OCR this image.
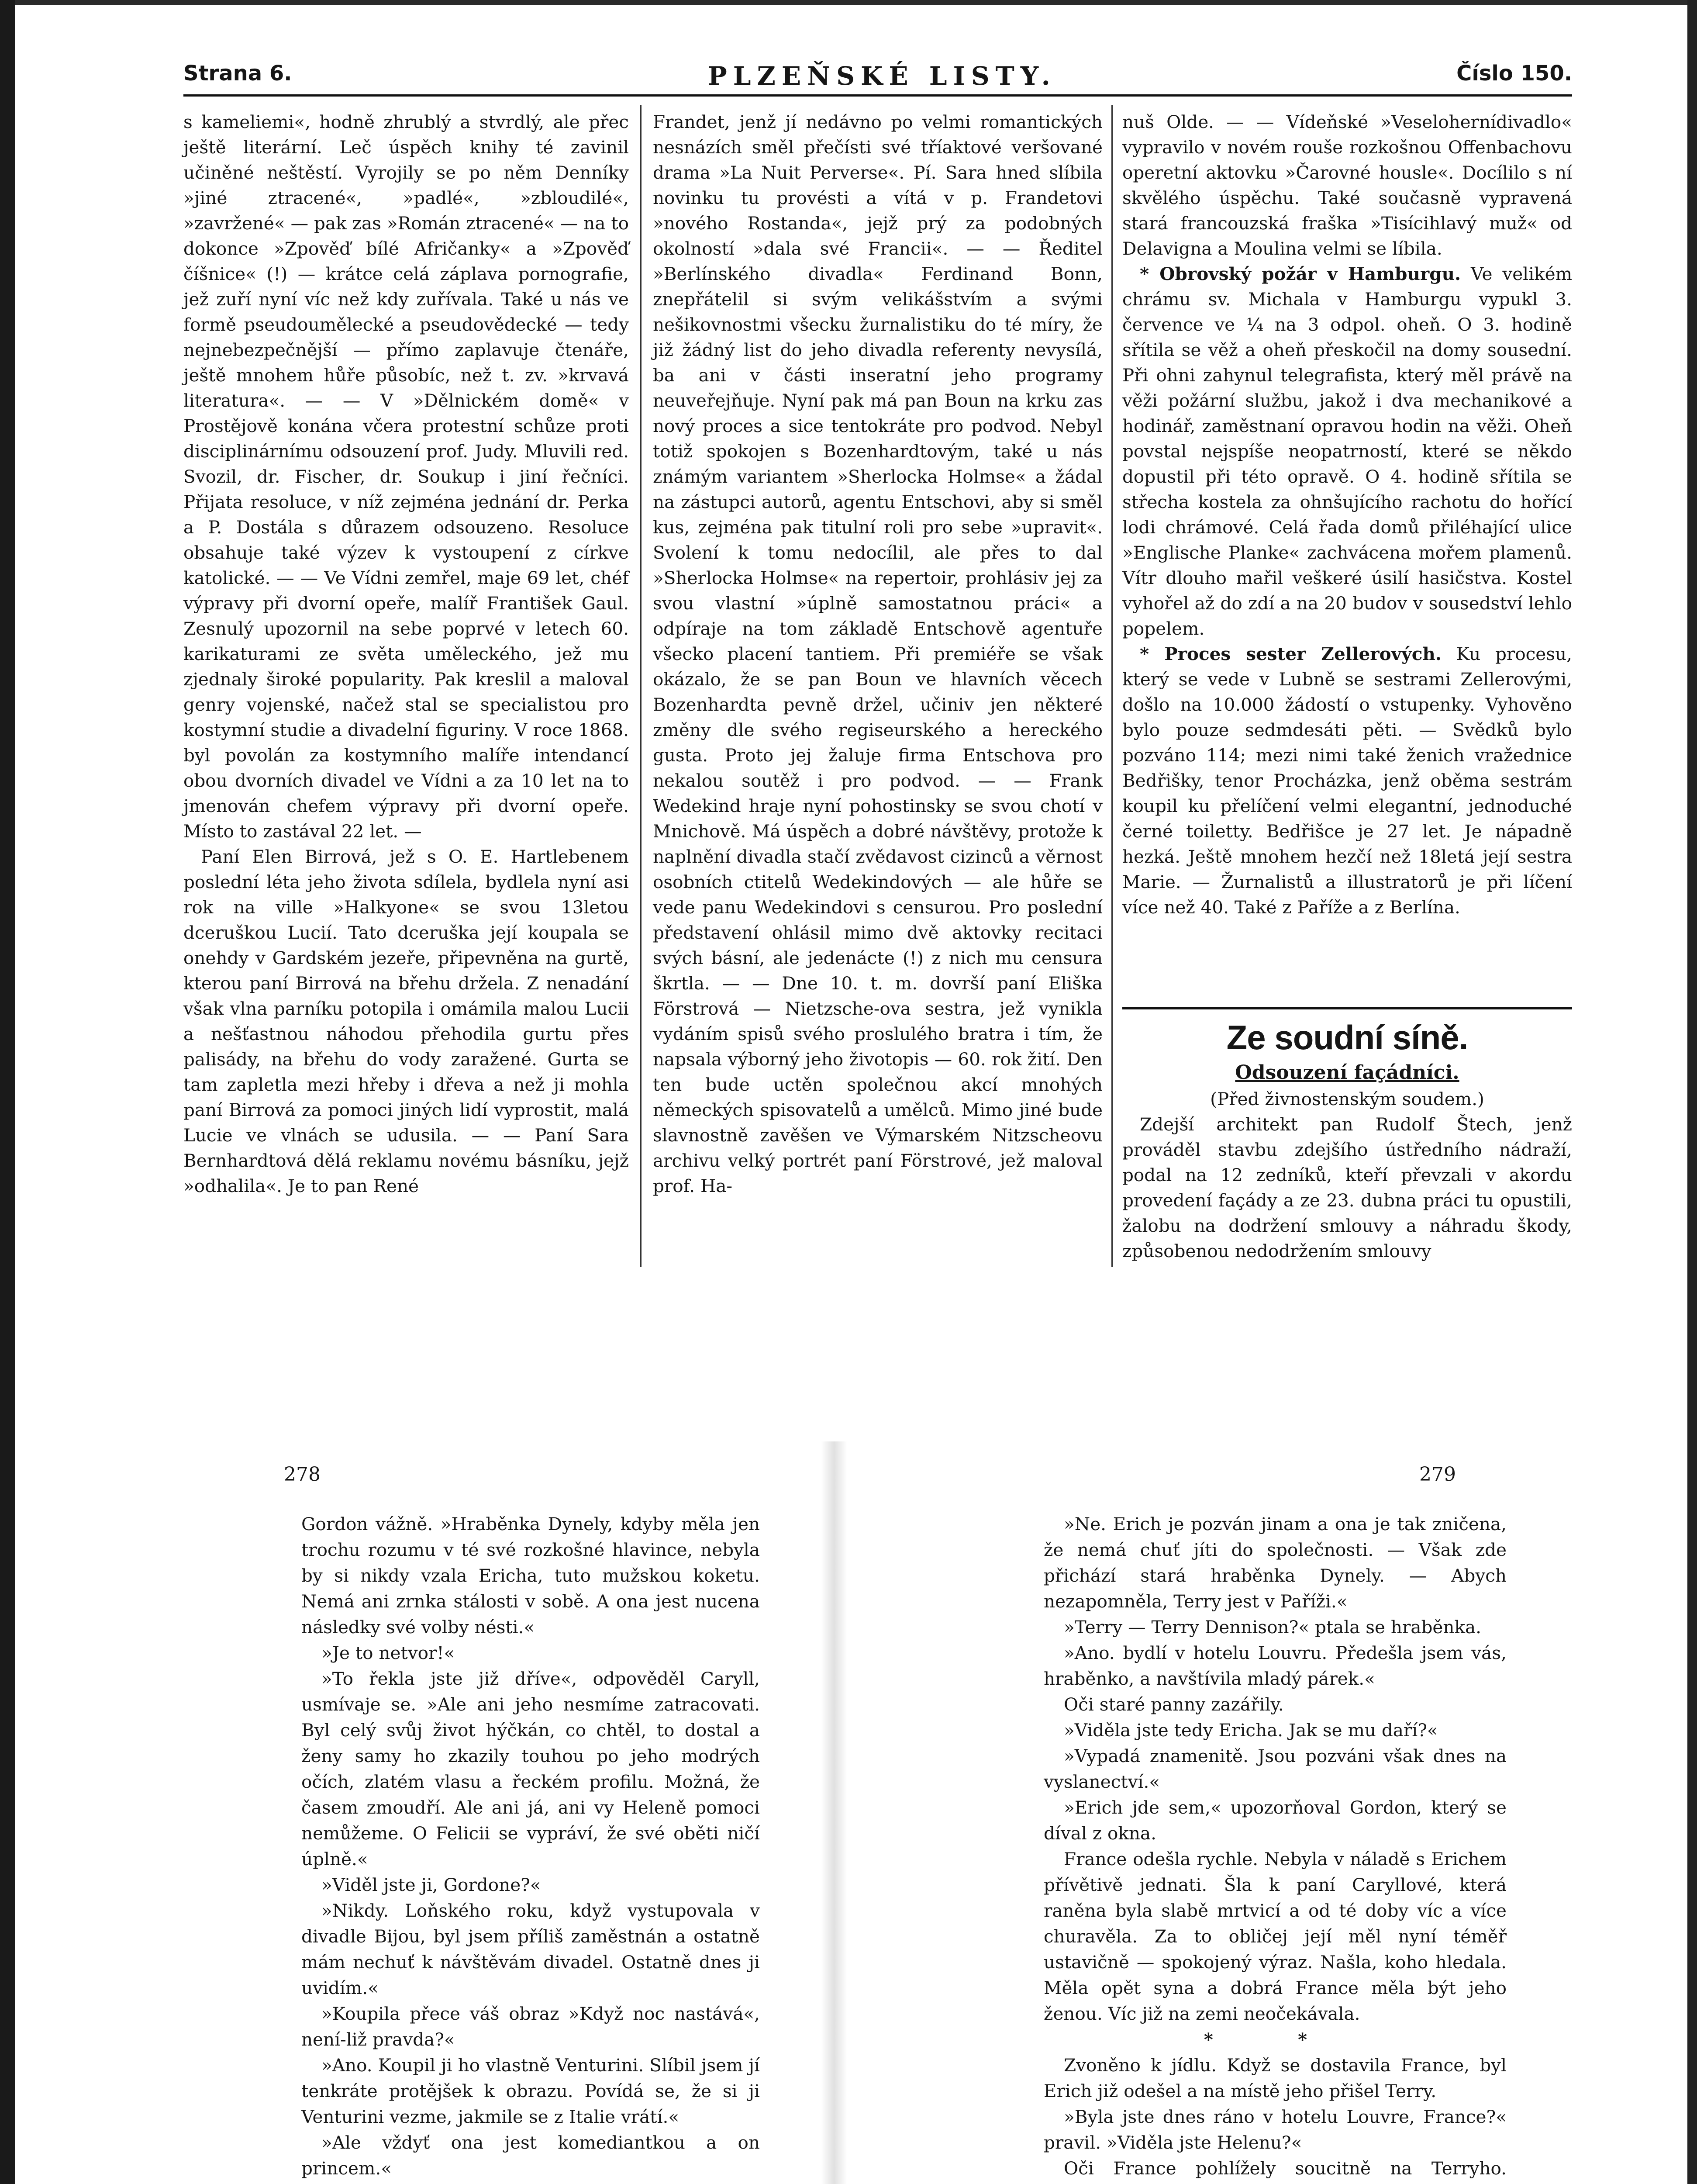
Strana 6.	PLZEŇSKÉ LISTY.	Číslo 150.

s kameliemi«, hodně zhrublý a stvrdlý, ale přec ještě literární. Leč úspěch knihy té zavinil učiněné neštěstí. Vyrojily se po něm Denníky »jiné ztracené«, »padlé«, »zbloudilé«, »zavržené« — pak zas »Román ztracené« — na to dokonce »Zpověď bílé Afričanky« a »Zpověď číšnice« (!) — krátce celá záplava pornografie, jež zuří nyní víc než kdy zuřívala. Také u nás ve formě pseudoumělecké a pseudovědecké — tedy nejnebezpečnější — přímo zaplavuje čtenáře, ještě mnohem hůře působíc, než t. zv. »krvavá literatura«. — — V »Dělnickém domě« v Prostějově konána včera protestní schůze proti disciplinárnímu odsouzení prof. Judy. Mluvili red. Svozil, dr. Fischer, dr. Soukup i jiní řečníci. Přijata resoluce, v níž zejména jednání dr. Perka a P. Dostála s důrazem odsouzeno. Resoluce obsahuje také výzev k vystoupení z církve katolické. — — Ve Vídni zemřel, maje 69 let, chéf výpravy při dvorní opeře, malíř František Gaul. Zesnulý upozornil na sebe poprvé v letech 60. karikaturami ze světa uměleckého, jež mu zjednaly široké popularity. Pak kreslil a maloval genry vojenské, načež stal se specialistou pro kostymní studie a divadelní figuriny. V roce 1868. byl povolán za kostymního malíře intendancí obou dvorních divadel ve Vídni a za 10 let na to jmenován chefem výpravy při dvorní opeře. Místo to zastával 22 let. —

Paní Elen Birrová, jež s O. E. Hartlebenem poslední léta jeho života sdílela, bydlela nyní asi rok na ville »Halkyone« se svou 13letou dceruškou Lucií. Tato dceruška její koupala se onehdy v Gardském jezeře, připevněna na gurtě, kterou paní Birrová na břehu držela. Z nenadání však vlna parníku potopila i omámila malou Lucii a nešťastnou náhodou přehodila gurtu přes palisády, na břehu do vody zaražené. Gurta se tam zapletla mezi hřeby i dřeva a než ji mohla paní Birrová za pomoci jiných lidí vyprostit, malá Lucie ve vlnách se udusila. — — Paní Sara Bernhardtová dělá reklamu novému básníku, jejž »odhalila«. Je to pan René

Frandet, jenž jí nedávno po velmi romantických nesnázích směl přečísti své tříaktové veršované drama »La Nuit Perverse«. Pí. Sara hned slíbila novinku tu provésti a vítá v p. Frandetovi »nového Rostanda«, jejž prý za podobných okolností »dala své Francii«. — — Ředitel »Berlínského divadla« Ferdinand Bonn, znepřátelil si svým velikášstvím a svými nešikovnostmi všecku žurnalistiku do té míry, že již žádný list do jeho divadla referenty nevysílá, ba ani v části inseratní jeho programy neuveřejňuje. Nyní pak má pan Boun na krku zas nový proces a sice tentokráte pro podvod. Nebyl totiž spokojen s Bozenhardtovým, také u nás známým variantem »Sherlocka Holmse« a žádal na zástupci autorů, agentu Entschovi, aby si směl kus, zejména pak titulní roli pro sebe »upravit«. Svolení k tomu nedocílil, ale přes to dal »Sherlocka Holmse« na repertoir, prohlásiv jej za svou vlastní »úplně samostatnou práci« a odpíraje na tom základě Entschově agentuře všecko placení tantiem. Při premiéře se však okázalo, že se pan Boun ve hlavních věcech Bozenhardta pevně držel, učiniv jen některé změny dle svého regiseurského a hereckého gusta. Proto jej žaluje firma Entschova pro nekalou soutěž i pro podvod. — — Frank Wedekind hraje nyní pohostinsky se svou chotí v Mnichově. Má úspěch a dobré návštěvy, protože k naplnění divadla stačí zvědavost cizinců a věrnost osobních ctitelů Wedekindových — ale hůře se vede panu Wedekindovi s censurou. Pro poslední představení ohlásil mimo dvě aktovky recitaci svých básní, ale jedenácte (!) z nich mu censura škrtla. — — Dne 10. t. m. dovrší paní Eliška Förstrová — Nietzsche-ova sestra, jež vynikla vydáním spisů svého proslulého bratra i tím, že napsala výborný jeho životopis — 60. rok žití. Den ten bude uctěn společnou akcí mnohých německých spisovatelů a umělců. Mimo jiné bude slavnostně zavěšen ve Výmarském Nitzscheovu archivu velký portrét paní Förstrové, jež maloval prof. Ha-

nuš Olde. — — Vídeňské »Veselohernídivadlo« vypravilo v novém rouše rozkošnou Offenbachovu operetní aktovku »Čarovné housle«. Docílilo s ní skvělého úspěchu. Také současně vypravená stará francouzská fraška »Tisícihlavý muž« od Delavigna a Moulina velmi se líbila.

* Obrovský požár v Hamburgu. Ve velikém chrámu sv. Michala v Hamburgu vypukl 3. července ve ¼ na 3 odpol. oheň. O 3. hodině sřítila se věž a oheň přeskočil na domy sousední. Při ohni zahynul telegrafista, který měl právě na věži požární službu, jakož i dva mechanikové a hodinář, zaměstnaní opravou hodin na věži. Oheň povstal nejspíše neopatrností, které se někdo dopustil při této opravě. O 4. hodině sřítila se střecha kostela za ohnšujícího rachotu do hořící lodi chrámové. Celá řada domů přiléhající ulice »Englische Planke« zachvácena mořem plamenů. Vítr dlouho mařil veškeré úsilí hasičstva. Kostel vyhořel až do zdí a na 20 budov v sousedství lehlo popelem.

* Proces sester Zellerových. Ku procesu, který se vede v Lubně se sestrami Zellerovými, došlo na 10.000 žádostí o vstupenky. Vyhověno bylo pouze sedmdesáti pěti. — Svědků bylo pozváno 114; mezi nimi také ženich vražednice Bedřišky, tenor Procházka, jenž oběma sestrám koupil ku přelíčení velmi elegantní, jednoduché černé toiletty. Bedřišce je 27 let. Je nápadně hezká. Ještě mnohem hezčí než 18letá její sestra Marie. — Žurnalistů a illustratorů je při líčení více než 40. Také z Paříže a z Berlína.

Ze soudní síně.
Odsouzení façádníci.
(Před živnostenským soudem.)

Zdejší architekt pan Rudolf Štech, jenž prováděl stavbu zdejšího ústředního nádraží, podal na 12 zedníků, kteří převzali v akordu provedení façády a ze 23. dubna práci tu opustili, žalobu na dodržení smlouvy a náhradu škody, způsobenou nedodržením smlouvy

278	279

Gordon vážně. »Hraběnka Dynely, kdyby měla jen trochu rozumu v té své rozkošné hlavince, nebyla by si nikdy vzala Ericha, tuto mužskou koketu. Nemá ani zrnka stálosti v sobě. A ona jest nucena následky své volby nésti.«

»Je to netvor!«

»To řekla jste již dříve«, odpověděl Caryll, usmívaje se. »Ale ani jeho nesmíme zatracovati. Byl celý svůj život hýčkán, co chtěl, to dostal a ženy samy ho zkazily touhou po jeho modrých očích, zlatém vlasu a řeckém profilu. Možná, že časem zmoudří. Ale ani já, ani vy Heleně pomoci nemůžeme. O Felicii se vypráví, že své oběti ničí úplně.«

»Viděl jste ji, Gordone?«

»Nikdy. Loňského roku, když vystupovala v divadle Bijou, byl jsem příliš zaměstnán a ostatně mám nechuť k návštěvám divadel. Ostatně dnes ji uvidím.«

»Koupila přece váš obraz »Když noc nastává«, není-liž pravda?«

»Ano. Koupil ji ho vlastně Venturini. Slíbil jsem jí tenkráte protějšek k obrazu. Povídá se, že si ji Venturini vezme, jakmile se z Italie vrátí.«

»Ale vždyť ona jest komediantkou a on princem.«

»Ne. Erich je pozván jinam a ona je tak zničena, že nemá chuť jíti do společnosti. — Však zde přichází stará hraběnka Dynely. — Abych nezapomněla, Terry jest v Paříži.«

»Terry — Terry Dennison?« ptala se hraběnka.

»Ano. bydlí v hotelu Louvru. Předešla jsem vás, hraběnko, a navštívila mladý párek.«

Oči staré panny zazářily.

»Viděla jste tedy Ericha. Jak se mu daří?«

»Vypadá znamenitě. Jsou pozváni však dnes na vyslanectví.«

»Erich jde sem,« upozorňoval Gordon, který se díval z okna.

France odešla rychle. Nebyla v náladě s Erichem přívětivě jednati. Šla k paní Caryllové, která raněna byla slabě mrtvicí a od té doby víc a více churavěla. Za to obličej její měl nyní téměř ustavičně — spokojený výraz. Našla, koho hledala. Měla opět syna a dobrá France měla být jeho ženou. Víc již na zemi neočekávala.

* *

Zvoněno k jídlu. Když se dostavila France, byl Erich již odešel a na místě jeho přišel Terry.

»Byla jste dnes ráno v hotelu Louvre, France?« pravil. »Viděla jste Helenu?«

Oči France pohlížely soucitně na Terryho.
